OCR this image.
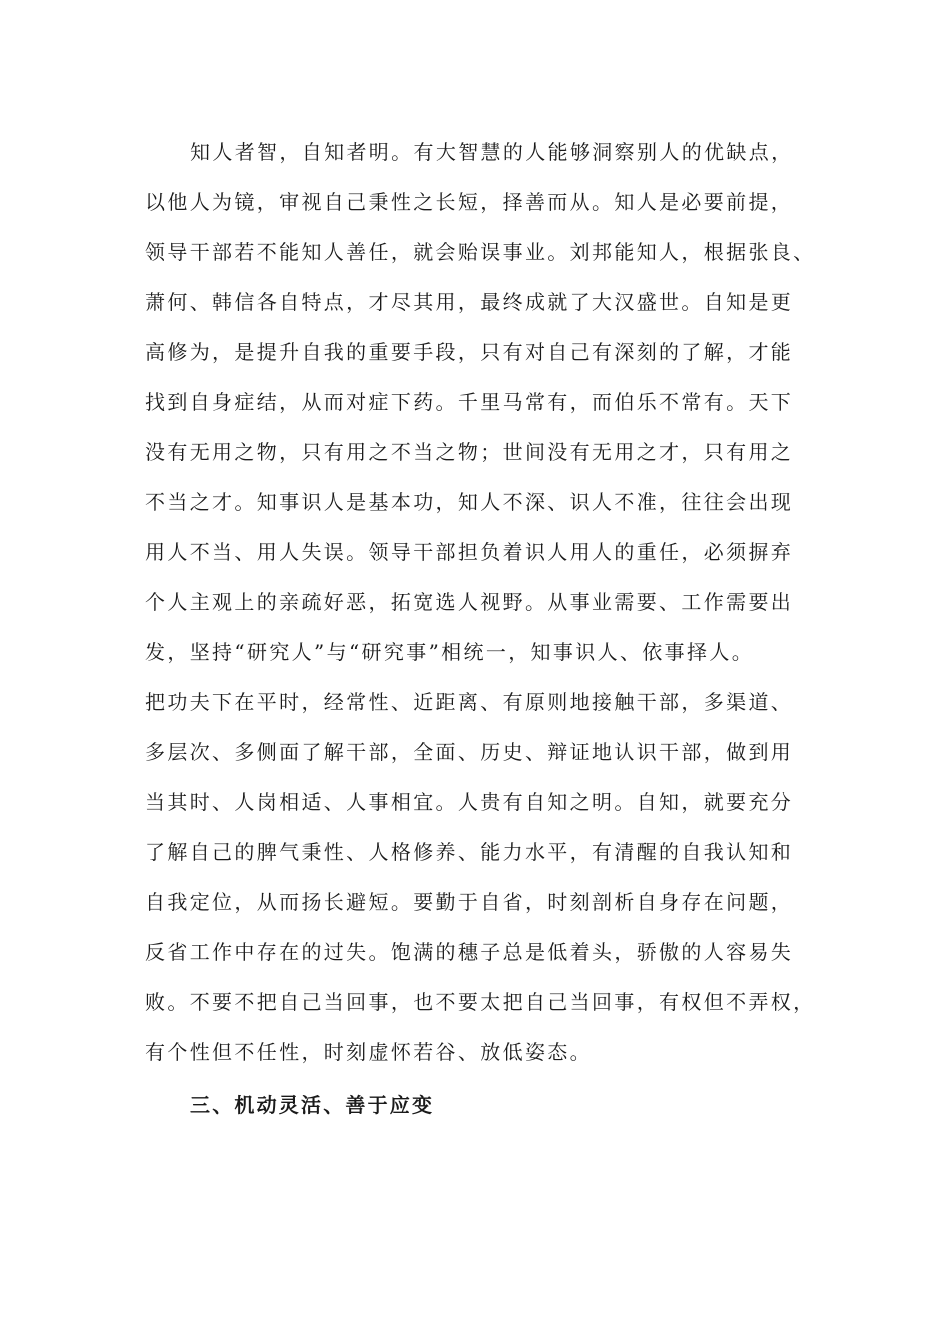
知人者智，自知者明。有大智慧的人能够洞察别人的优缺点，
以他人为镜，审视自己秉性之长短，择善而从。知人是必要前提，
领导干部若不能知人善任，就会贻误事业。刘邦能知人，根据张良、
萧何、韩信各自特点，才尽其用，最终成就了大汉盛世。自知是更
高修为，是提升自我的重要手段，只有对自己有深刻的了解，才能
找到自身症结，从而对症下药。千里马常有，而伯乐不常有。天下
没有无用之物，只有用之不当之物；世间没有无用之才，只有用之
不当之才。知事识人是基本功，知人不深、识人不准，往往会出现
用人不当、用人失误。领导干部担负着识人用人的重任，必须摒弃
个人主观上的亲疏好恶，拓宽选人视野。从事业需要、工作需要出
发，坚持“研究人”与“研究事”相统一，知事识人、依事择人。
把功夫下在平时，经常性、近距离、有原则地接触干部，多渠道、
多层次、多侧面了解干部，全面、历史、辩证地认识干部，做到用
当其时、人岗相适、人事相宜。人贵有自知之明。自知，就要充分
了解自己的脾气秉性、人格修养、能力水平，有清醒的自我认知和
自我定位，从而扬长避短。要勤于自省，时刻剖析自身存在问题，
反省工作中存在的过失。饱满的穗子总是低着头，骄傲的人容易失
败。不要不把自己当回事，也不要太把自己当回事，有权但不弄权，
有个性但不任性，时刻虚怀若谷、放低姿态。
三、机动灵活、善于应变
